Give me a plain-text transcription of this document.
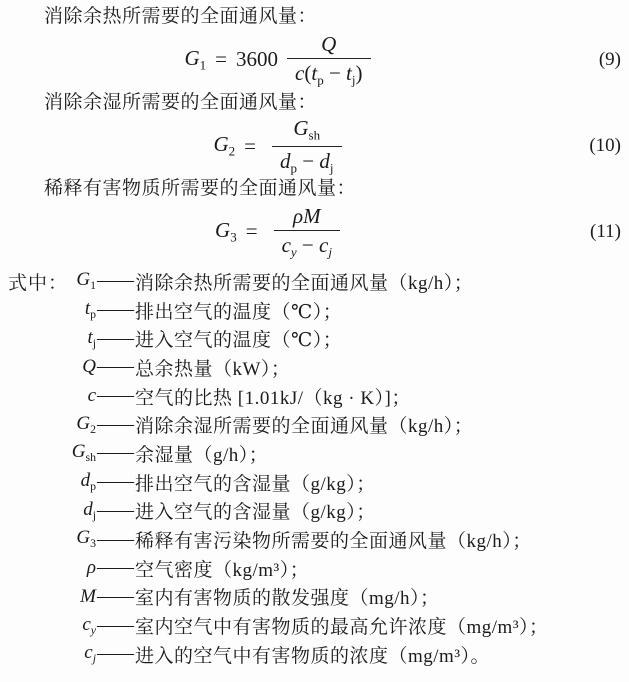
消除余热所需要的全面通风量：

$G_1 = 3600 \frac{Q}{c(t_p - t_j)}$	(9)

消除余湿所需要的全面通风量：

$G_2 = \frac{G_{sh}}{d_p - d_j}$	(10)

稀释有害物质所需要的全面通风量：

$G_3 = \frac{\rho M}{c_y - c_j}$	(11)
式中： $G_1$ —— 消除余热所需要的全面通风量（kg/h）；
$t_p$ —— 排出空气的温度（℃）；
$t_j$ —— 进入空气的温度（℃）；
Q —— 总余热量（kW）；
c —— 空气的比热 [1.01kJ/（kg · K）]；
$G_2$ —— 消除余湿所需要的全面通风量（kg/h）；
$G_{sh}$ —— 余湿量（g/h）；
$d_p$ —— 排出空气的含湿量（g/kg）；
$d_j$ —— 进入空气的含湿量（g/kg）；
$G_3$ —— 稀释有害污染物所需要的全面通风量（kg/h）；
ρ —— 空气密度（kg/m³）；
M —— 室内有害物质的散发强度（mg/h）；
$c_y$ —— 室内空气中有害物质的最高允许浓度（mg/m³）；
$c_j$ —— 进入的空气中有害物质的浓度（mg/m³）。
